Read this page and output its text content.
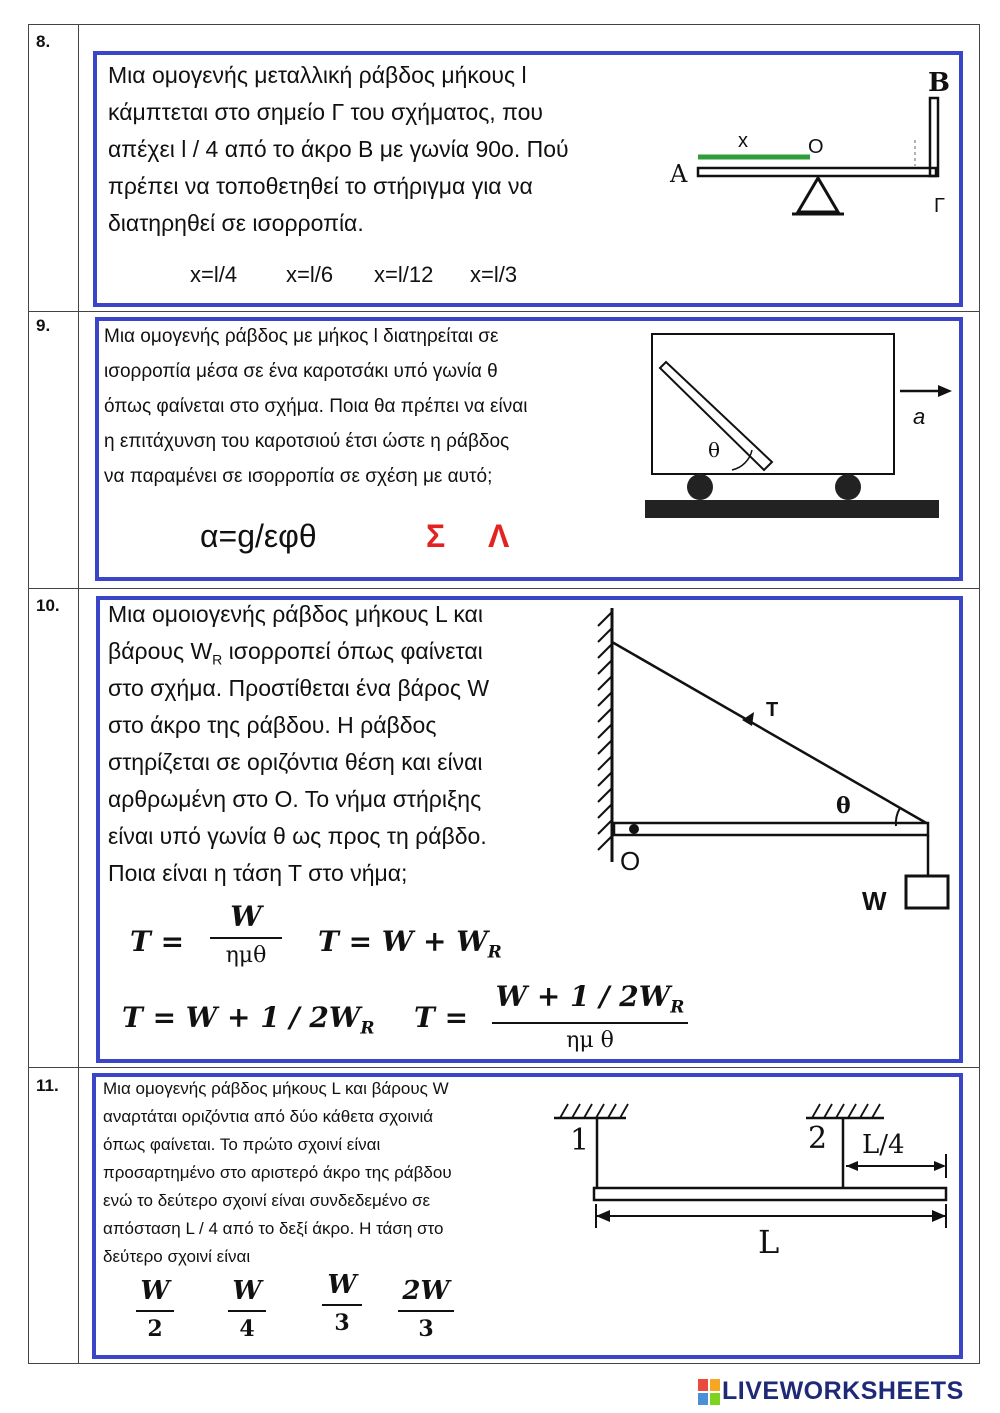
8.
Μια ομογενής μεταλλική ράβδος μήκους l
κάμπτεται στο σημείο Γ του σχήματος, που
απέχει l / 4 από το άκρο Β με γωνία 90ο. Πού
πρέπει να τοποθετηθεί το στήριγμα για να
διατηρηθεί σε ισορροπία.
x=l/4 x=l/6 x=l/12 x=l/3
A
B
Γ
O
x
9.
Μια ομογενής ράβδος με μήκος l διατηρείται σε
ισορροπία μέσα σε ένα καροτσάκι υπό γωνία θ
όπως φαίνεται στο σχήμα. Ποια θα πρέπει να είναι
η επιτάχυνση του καροτσιού έτσι ώστε η ράβδος
να παραμένει σε ισορροπία σε σχέση με αυτό;
α=g/εφθ	Σ Λ
θ
a
10. Μια ομοιογενής ράβδος μήκους L και
βάρους $W_R$ ισορροπεί όπως φαίνεται
στο σχήμα. Προστίθεται ένα βάρος W
στο άκρο της ράβδου. Η ράβδος
στηρίζεται σε οριζόντια θέση και είναι
αρθρωμένη στο Ο. Το νήμα στήριξης
είναι υπό γωνία θ ως προς τη ράβδο.
Ποια είναι η τάση Τ στο νήμα;
T =
W
ημθ	$T = W + W_R$
$T = W + 1 / 2W_R$ T =
$W + 1 / 2W_R$
ημ θ
T
θ
O
W
11.	Μια ομογενής ράβδος μήκους L και βάρους W
αναρτάται οριζόντια από δύο κάθετα σχοινιά
όπως φαίνεται. Το πρώτο σχοινί είναι
προσαρτημένο στο αριστερό άκρο της ράβδου
ενώ το δεύτερο σχοινί είναι συνδεδεμένο σε
απόσταση L / 4 από το δεξί άκρο. Η τάση στο
δεύτερο σχοινί είναι
W
2
W
4
W
3
2W
3
1	2 L/4
L
LIVEWORKSHEETS
